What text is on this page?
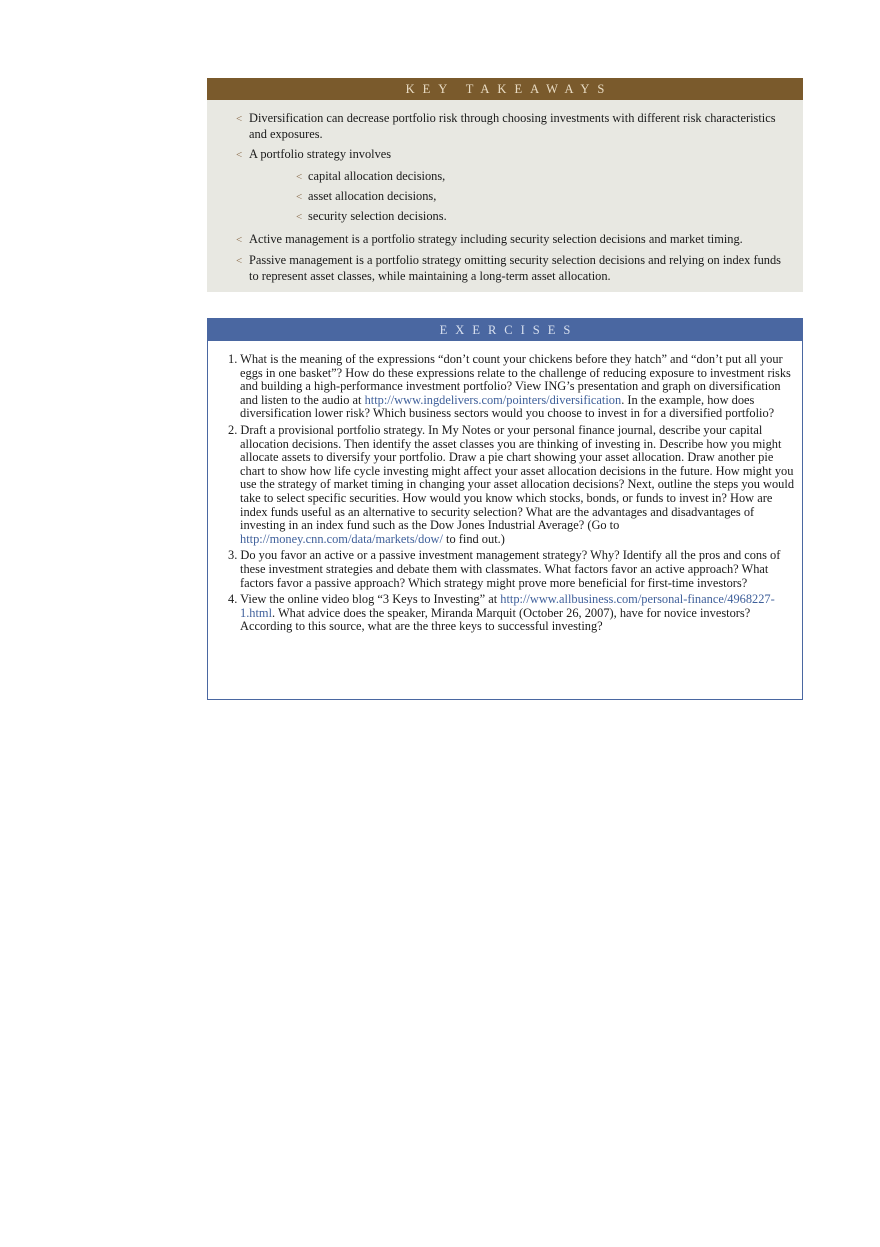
KEY TAKEAWAYS
< Diversification can decrease portfolio risk through choosing investments with different risk characteristics and exposures.
< A portfolio strategy involves
< capital allocation decisions,
< asset allocation decisions,
< security selection decisions.
< Active management is a portfolio strategy including security selection decisions and market timing.
< Passive management is a portfolio strategy omitting security selection decisions and relying on index funds to represent asset classes, while maintaining a long-term asset allocation.
EXERCISES
1. What is the meaning of the expressions “don’t count your chickens before they hatch” and “don’t put all your eggs in one basket”? How do these expressions relate to the challenge of reducing exposure to investment risks and building a high-performance investment portfolio? View ING’s presentation and graph on diversification and listen to the audio at http://www.ingdelivers.com/pointers/diversification. In the example, how does diversification lower risk? Which business sectors would you choose to invest in for a diversified portfolio?
2. Draft a provisional portfolio strategy. In My Notes or your personal finance journal, describe your capital allocation decisions. Then identify the asset classes you are thinking of investing in. Describe how you might allocate assets to diversify your portfolio. Draw a pie chart showing your asset allocation. Draw another pie chart to show how life cycle investing might affect your asset allocation decisions in the future. How might you use the strategy of market timing in changing your asset allocation decisions? Next, outline the steps you would take to select specific securities. How would you know which stocks, bonds, or funds to invest in? How are index funds useful as an alternative to security selection? What are the advantages and disadvantages of investing in an index fund such as the Dow Jones Industrial Average? (Go to http://money.cnn.com/data/markets/dow/ to find out.)
3. Do you favor an active or a passive investment management strategy? Why? Identify all the pros and cons of these investment strategies and debate them with classmates. What factors favor an active approach? What factors favor a passive approach? Which strategy might prove more beneficial for first-time investors?
4. View the online video blog “3 Keys to Investing” at http://www.allbusiness.com/personal-finance/4968227-1.html. What advice does the speaker, Miranda Marquit (October 26, 2007), have for novice investors? According to this source, what are the three keys to successful investing?
